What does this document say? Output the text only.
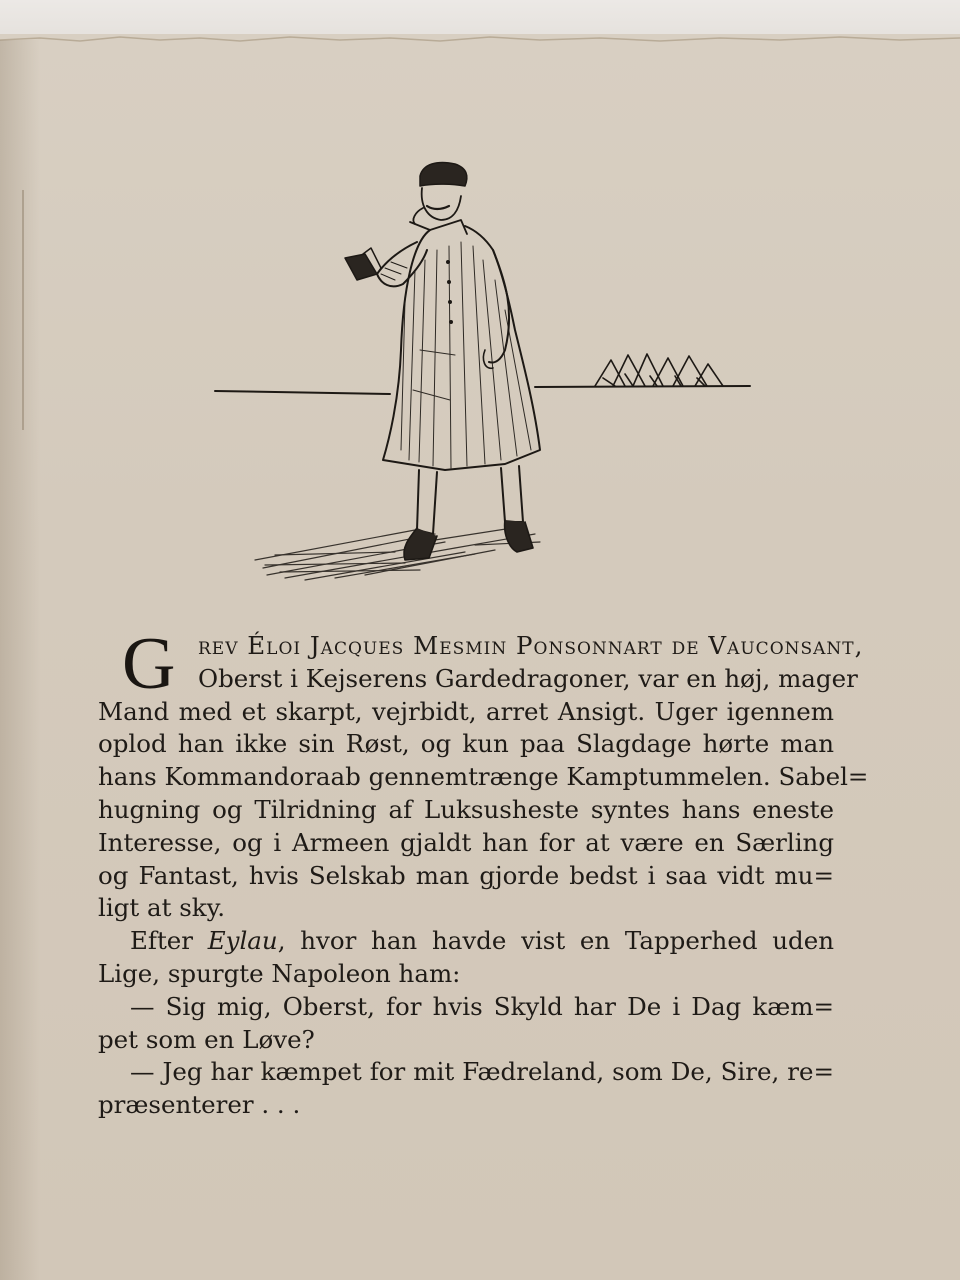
G rev Éloi Jacques Mesmin Ponsonnart de Vauconsant,
Oberst i Kejserens Gardedragoner, var en høj, mager
Mand med et skarpt, vejrbidt, arret Ansigt. Uger igennem
oplod han ikke sin Røst, og kun paa Slagdage hørte man
hans Kommandoraab gennemtrænge Kamptummelen. Sabel=
hugning og Tilridning af Luksusheste syntes hans eneste
Interesse, og i Armeen gjaldt han for at være en Særling
og Fantast, hvis Selskab man gjorde bedst i saa vidt mu=
ligt at sky.
Efter Eylau, hvor han havde vist en Tapperhed uden
Lige, spurgte Napoleon ham:
— Sig mig, Oberst, for hvis Skyld har De i Dag kæm=
pet som en Løve?
— Jeg har kæmpet for mit Fædreland, som De, Sire, re=
præsenterer . . .
